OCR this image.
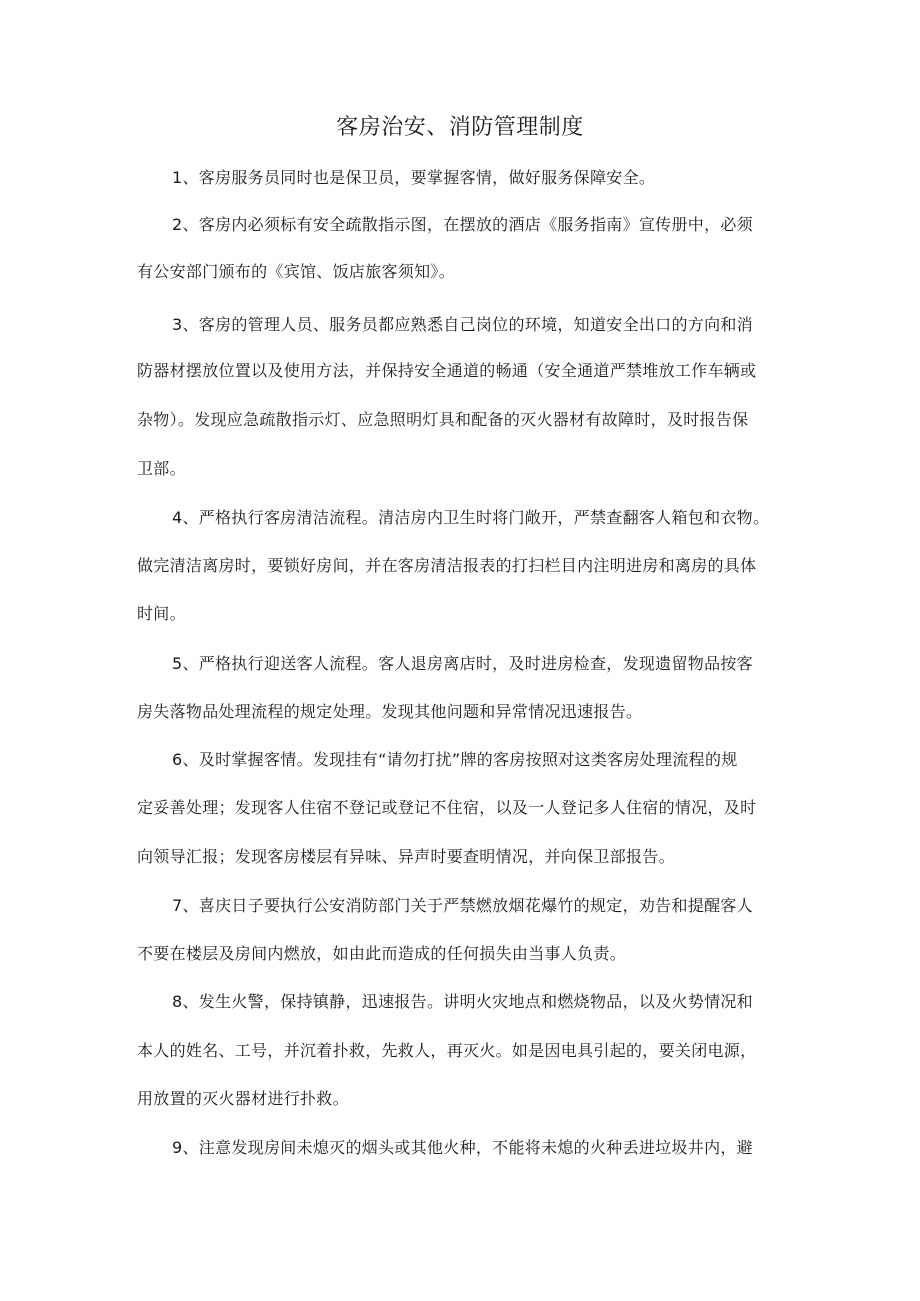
客房治安、消防管理制度
1、客房服务员同时也是保卫员，要掌握客情，做好服务保障安全。
2、客房内必须标有安全疏散指示图，在摆放的酒店《服务指南》宣传册中，必须
有公安部门颁布的《宾馆、饭店旅客须知》。
3、客房的管理人员、服务员都应熟悉自己岗位的环境，知道安全出口的方向和消
防器材摆放位置以及使用方法，并保持安全通道的畅通（安全通道严禁堆放工作车辆或
杂物）。发现应急疏散指示灯、应急照明灯具和配备的灭火器材有故障时，及时报告保
卫部。
4、严格执行客房清洁流程。清洁房内卫生时将门敞开，严禁查翻客人箱包和衣物。
做完清洁离房时，要锁好房间，并在客房清洁报表的打扫栏目内注明进房和离房的具体
时间。
5、严格执行迎送客人流程。客人退房离店时，及时进房检查，发现遗留物品按客
房失落物品处理流程的规定处理。发现其他问题和异常情况迅速报告。
6、及时掌握客情。发现挂有“请勿打扰”牌的客房按照对这类客房处理流程的规
定妥善处理；发现客人住宿不登记或登记不住宿，以及一人登记多人住宿的情况，及时
向领导汇报；发现客房楼层有异味、异声时要查明情况，并向保卫部报告。
7、喜庆日子要执行公安消防部门关于严禁燃放烟花爆竹的规定，劝告和提醒客人
不要在楼层及房间内燃放，如由此而造成的任何损失由当事人负责。
8、发生火警，保持镇静，迅速报告。讲明火灾地点和燃烧物品，以及火势情况和
本人的姓名、工号，并沉着扑救，先救人，再灭火。如是因电具引起的，要关闭电源，
用放置的灭火器材进行扑救。
9、注意发现房间未熄灭的烟头或其他火种，不能将未熄的火种丢进垃圾井内，避
